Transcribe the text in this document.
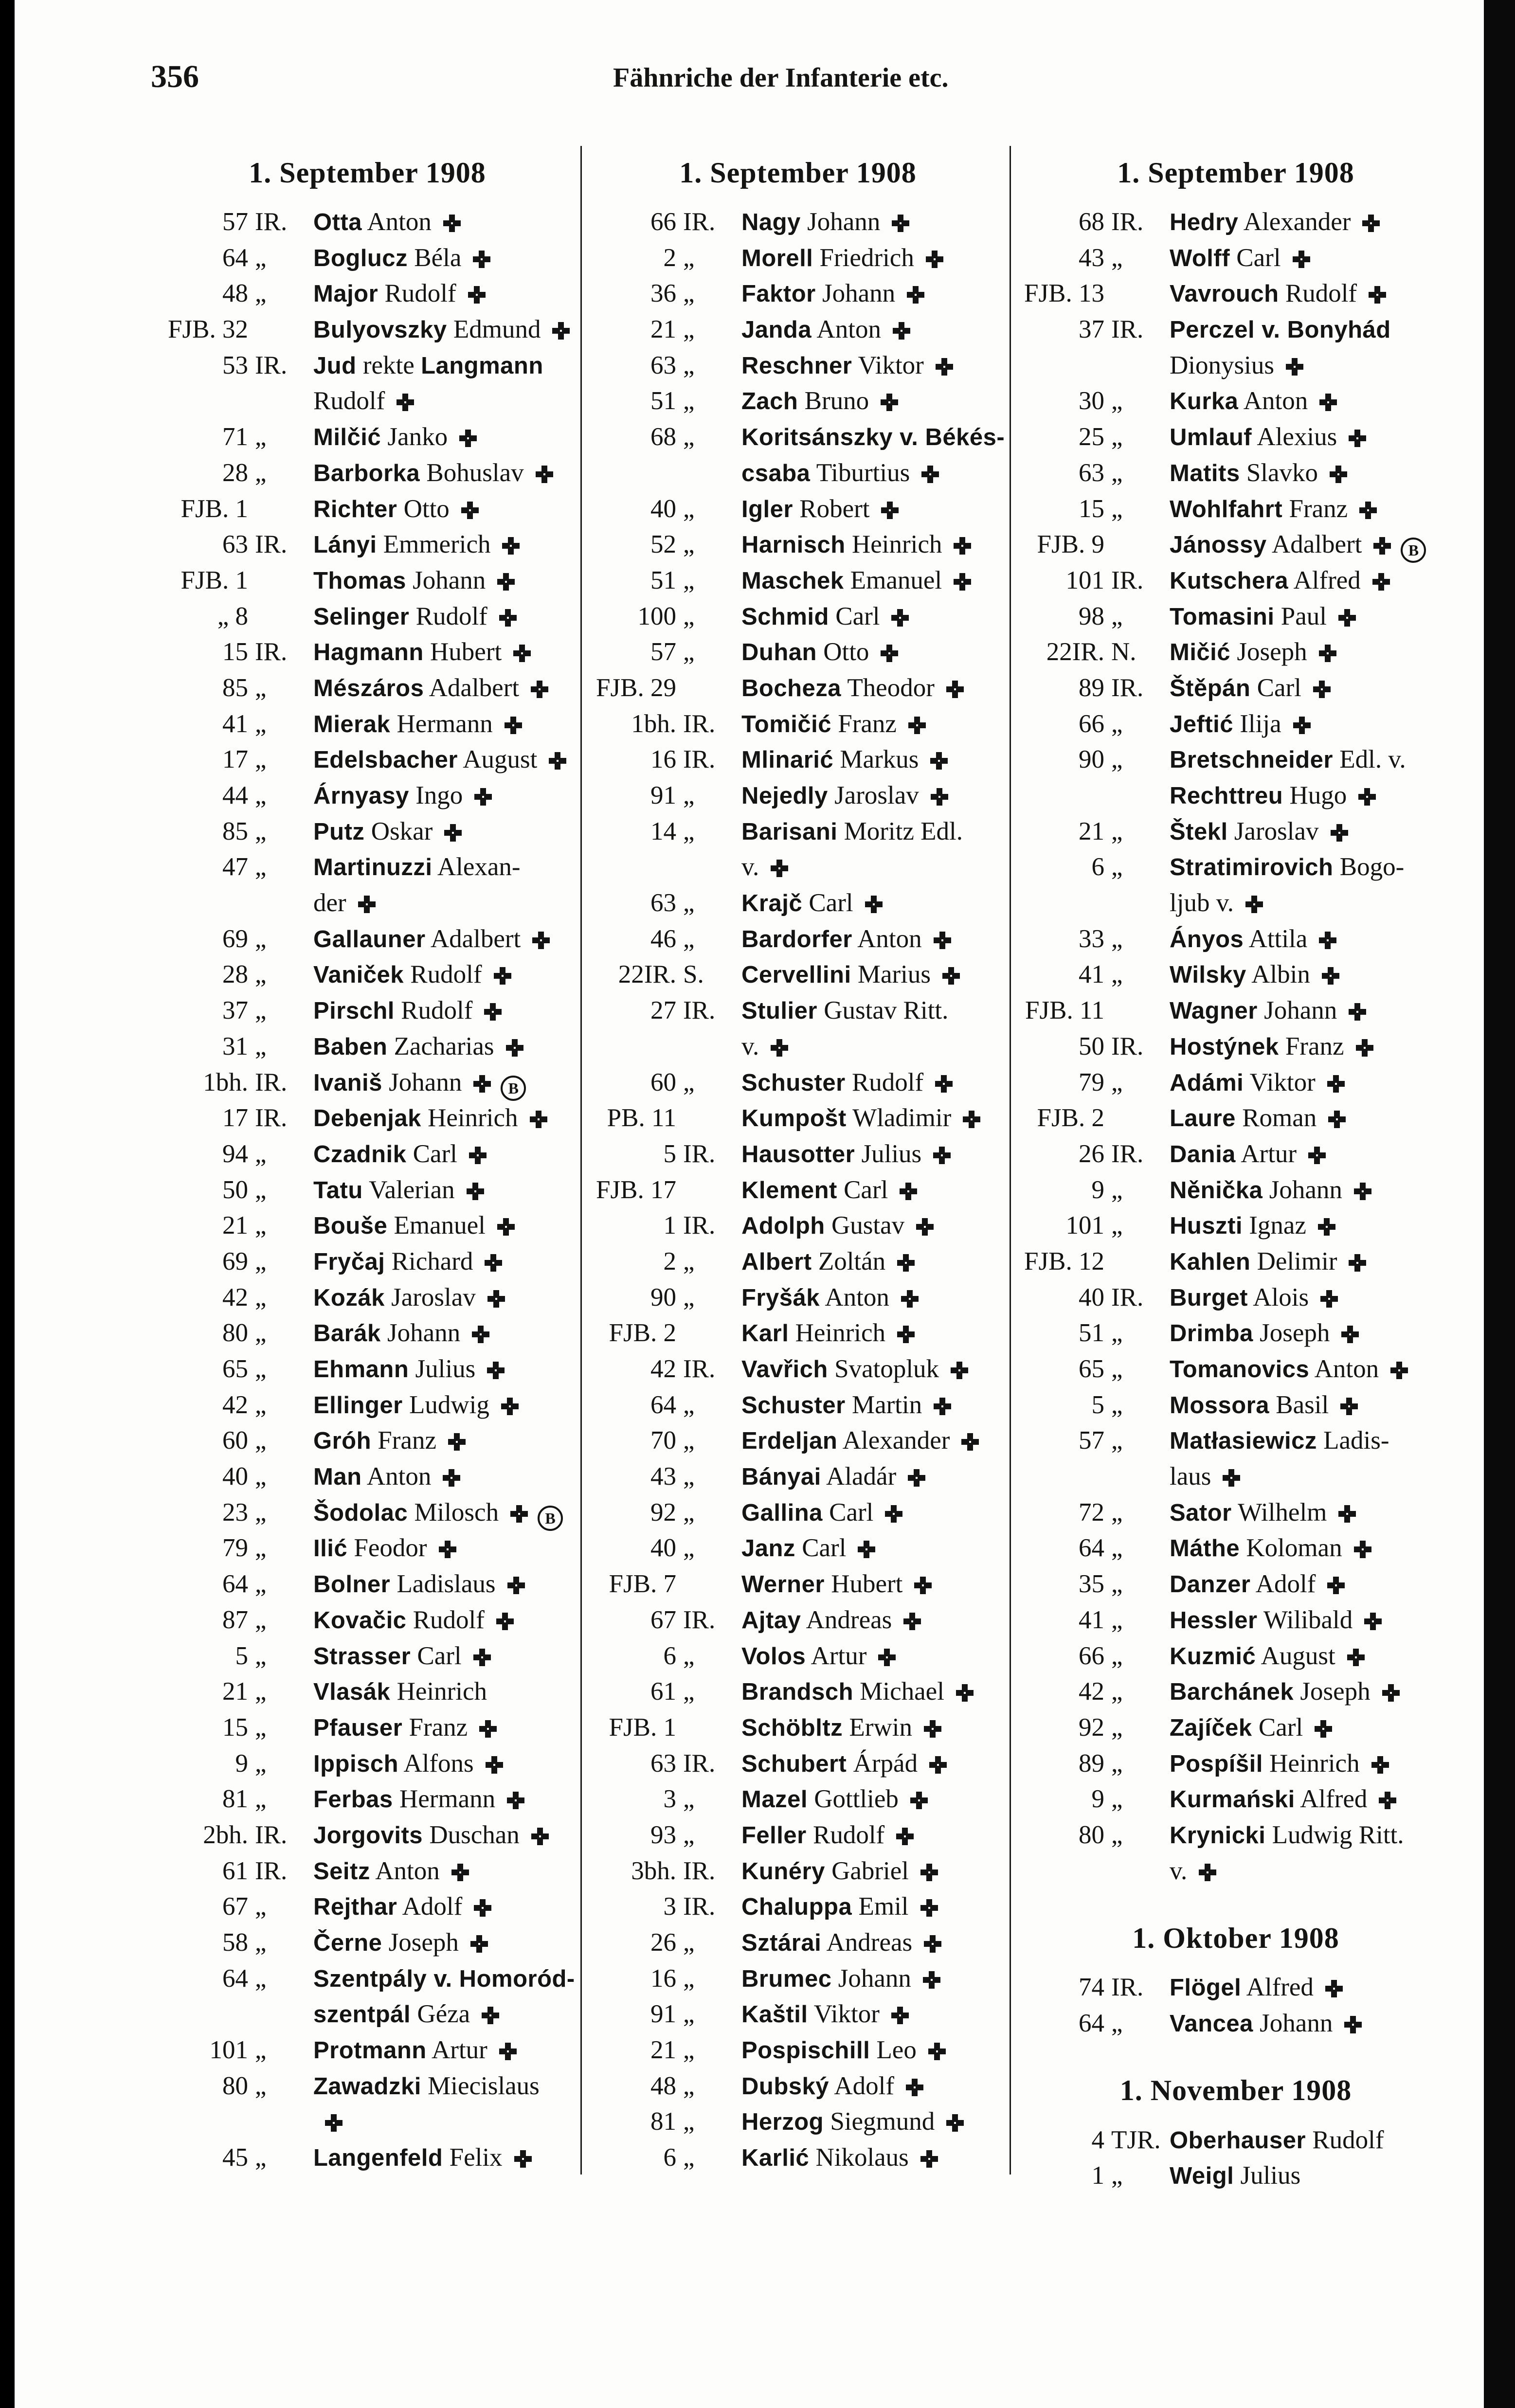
356	Fähnriche der Infanterie etc.
1. September 1908
57 IR.	Otta Anton
64 „	Boglucz Béla
48 „	Major Rudolf
FJB. 32	Bulyovszky Edmund
53 IR.	Jud rekte Langmann
Rudolf
71 „	Milčić Janko
28 „	Barborka Bohuslav
FJB. 1	Richter Otto
63 IR.	Lányi Emmerich
FJB. 1	Thomas Johann
„ 8	Selinger Rudolf
15 IR.	Hagmann Hubert
85 „	Mészáros Adalbert
41 „	Mierak Hermann
17 „	Edelsbacher August
44 „	Árnyasy Ingo
85 „	Putz Oskar
47 „	Martinuzzi Alexan-
der
69 „	Gallauner Adalbert
28 „	Vaniček Rudolf
37 „	Pirschl Rudolf
31 „	Baben Zacharias
1bh. IR.	Ivaniš Johann	B
17 IR.	Debenjak Heinrich
94 „	Czadnik Carl
50 „	Tatu Valerian
21 „	Bouše Emanuel
69 „	Fryčaj Richard
42 „	Kozák Jaroslav
80 „	Barák Johann
65 „	Ehmann Julius
42 „	Ellinger Ludwig
60 „	Gróh Franz
40 „	Man Anton
23 „	Šodolac Milosch	B
79 „	Ilić Feodor
64 „	Bolner Ladislaus
87 „	Kovačic Rudolf
5 „	Strasser Carl
21 „	Vlasák Heinrich
15 „	Pfauser Franz
9 „	Ippisch Alfons
81 „	Ferbas Hermann
2bh. IR.	Jorgovits Duschan
61 IR.	Seitz Anton
67 „	Rejthar Adolf
58 „	Černe Joseph
64 „	Szentpály v. Homoród-
szentpál Géza
101 „	Protmann Artur
80 „	Zawadzki Miecislaus
45 „	Langenfeld Felix
1. September 1908
66 IR.	Nagy Johann
2 „	Morell Friedrich
36 „	Faktor Johann
21 „	Janda Anton
63 „	Reschner Viktor
51 „	Zach Bruno
68 „	Koritsánszky v. Békés-
csaba Tiburtius
40 „	Igler Robert
52 „	Harnisch Heinrich
51 „	Maschek Emanuel
100 „	Schmid Carl
57 „	Duhan Otto
FJB. 29	Bocheza Theodor
1bh. IR.	Tomičić Franz
16 IR.	Mlinarić Markus
91 „	Nejedly Jaroslav
14 „	Barisani Moritz Edl.
v.
63 „	Krajč Carl
46 „	Bardorfer Anton
22IR. S.	Cervellini Marius
27 IR.	Stulier Gustav Ritt.
v.
60 „	Schuster Rudolf
PB. 11	Kumpošt Wladimir
5 IR.	Hausotter Julius
FJB. 17	Klement Carl
1 IR.	Adolph Gustav
2 „	Albert Zoltán
90 „	Fryšák Anton
FJB. 2	Karl Heinrich
42 IR.	Vavřich Svatopluk
64 „	Schuster Martin
70 „	Erdeljan Alexander
43 „	Bányai Aladár
92 „	Gallina Carl
40 „	Janz Carl
FJB. 7	Werner Hubert
67 IR.	Ajtay Andreas
6 „	Volos Artur
61 „	Brandsch Michael
FJB. 1	Schöbltz Erwin
63 IR.	Schubert Árpád
3 „	Mazel Gottlieb
93 „	Feller Rudolf
3bh. IR.	Kunéry Gabriel
3 IR.	Chaluppa Emil
26 „	Sztárai Andreas
16 „	Brumec Johann
91 „	Kaštil Viktor
21 „	Pospischill Leo
48 „	Dubský Adolf
81 „	Herzog Siegmund
6 „	Karlić Nikolaus
1. September 1908
68 IR.	Hedry Alexander
43 „	Wolff Carl
FJB. 13	Vavrouch Rudolf
37 IR.	Perczel v. Bonyhád
Dionysius
30 „	Kurka Anton
25 „	Umlauf Alexius
63 „	Matits Slavko
15 „	Wohlfahrt Franz
FJB. 9	Jánossy Adalbert	B
101 IR.	Kutschera Alfred
98 „	Tomasini Paul
22IR. N.	Mičić Joseph
89 IR.	Štěpán Carl
66 „	Jeftić Ilija
90 „	Bretschneider Edl. v.
Rechttreu Hugo
21 „	Štekl Jaroslav
6 „	Stratimirovich Bogo-
ljub v.
33 „	Ányos Attila
41 „	Wilsky Albin
FJB. 11	Wagner Johann
50 IR.	Hostýnek Franz
79 „	Adámi Viktor
FJB. 2	Laure Roman
26 IR.	Dania Artur
9 „	Něnička Johann
101 „	Huszti Ignaz
FJB. 12	Kahlen Delimir
40 IR.	Burget Alois
51 „	Drimba Joseph
65 „	Tomanovics Anton
5 „	Mossora Basil
57 „	Matłasiewicz Ladis-
laus
72 „	Sator Wilhelm
64 „	Máthe Koloman
35 „	Danzer Adolf
41 „	Hessler Wilibald
66 „	Kuzmić August
42 „	Barchánek Joseph
92 „	Zajíček Carl
89 „	Pospíšil Heinrich
9 „	Kurmański Alfred
80 „	Krynicki Ludwig Ritt.
v.
1. Oktober 1908
74 IR.	Flögel Alfred
64 „	Vancea Johann
1. November 1908
4 TJR. Oberhauser Rudolf
1 „	Weigl Julius
